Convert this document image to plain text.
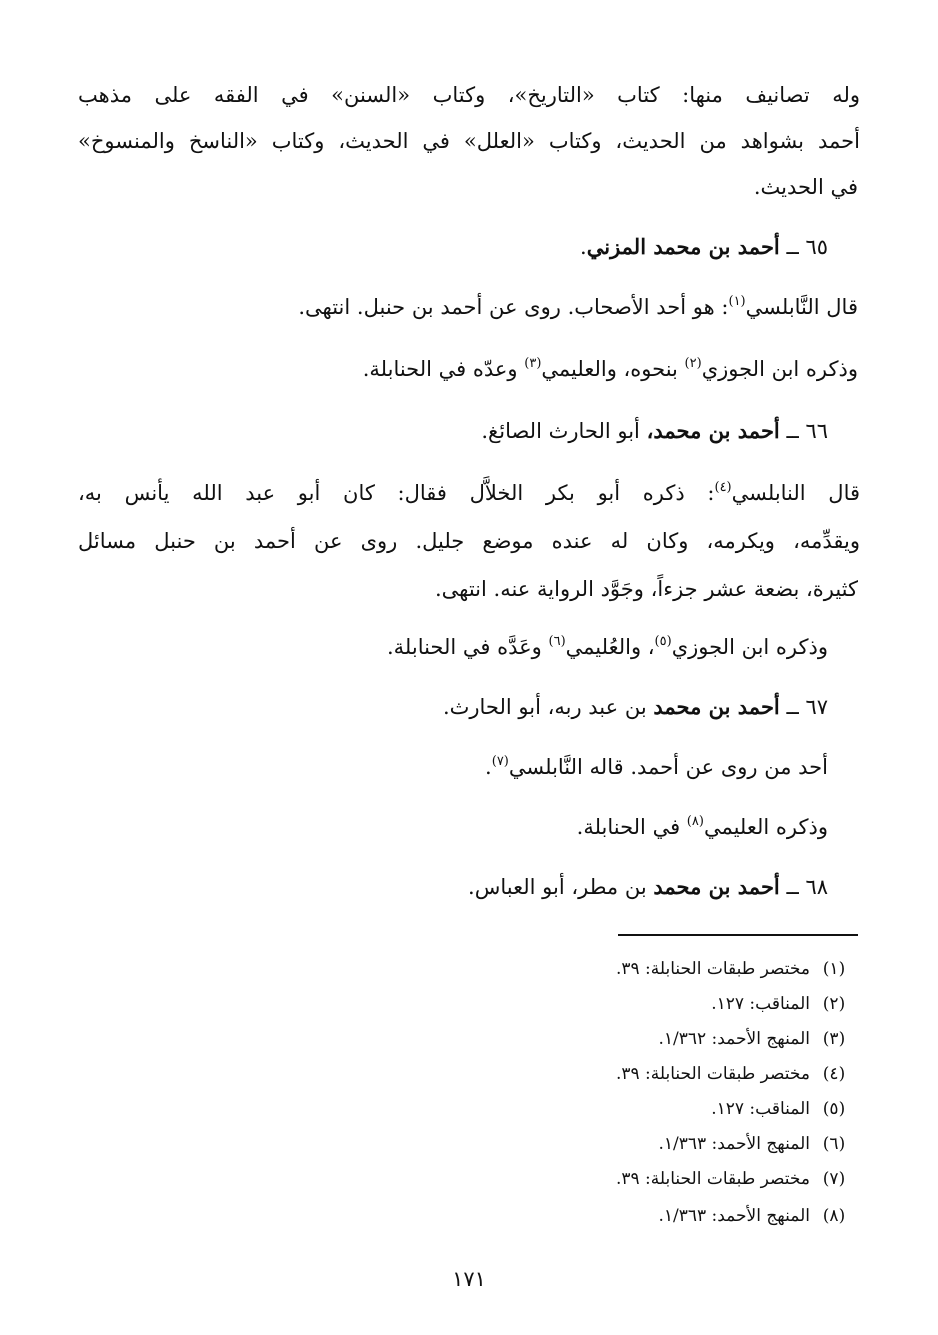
وله تصانيف منها: كتاب «التاريخ»، وكتاب «السنن» في الفقه على مذهب
أحمد بشواهد من الحديث، وكتاب «العلل» في الحديث، وكتاب «الناسخ والمنسوخ»
في الحديث.
٦٥ ــ أحمد بن محمد المزني.
قال النَّابلسي$^{(١)}$: هو أحد الأصحاب. روى عن أحمد بن حنبل. انتهى.
وذكره ابن الجوزي$^{(٢)}$ بنحوه، والعليمي$^{(٣)}$ وعدّه في الحنابلة.
٦٦ ــ أحمد بن محمد، أبو الحارث الصائغ.
قال النابلسي$^{(٤)}$: ذكره أبو بكر الخلاَّل فقال: كان أبو عبد الله يأنس به،
ويقدِّمه، ويكرمه، وكان له عنده موضع جليل. روى عن أحمد بن حنبل مسائل
كثيرة، بضعة عشر جزءاً، وجَوَّد الرواية عنه. انتهى.
وذكره ابن الجوزي$^{(٥)}$، والعُليمي$^{(٦)}$ وعَدَّه في الحنابلة.
٦٧ ــ أحمد بن محمد بن عبد ربه، أبو الحارث.
أحد من روى عن أحمد. قاله النَّابلسي$^{(٧)}$.
وذكره العليمي$^{(٨)}$ في الحنابلة.
٦٨ ــ أحمد بن محمد بن مطر، أبو العباس.
(١)مختصر طبقات الحنابلة: ٣٩.
(٢)المناقب: ١٢٧.
(٣)المنهج الأحمد: ١/٣٦٢.
(٤)مختصر طبقات الحنابلة: ٣٩.
(٥)المناقب: ١٢٧.
(٦)المنهج الأحمد: ١/٣٦٣.
(٧)مختصر طبقات الحنابلة: ٣٩.
(٨)المنهج الأحمد: ١/٣٦٣.
١٧١
